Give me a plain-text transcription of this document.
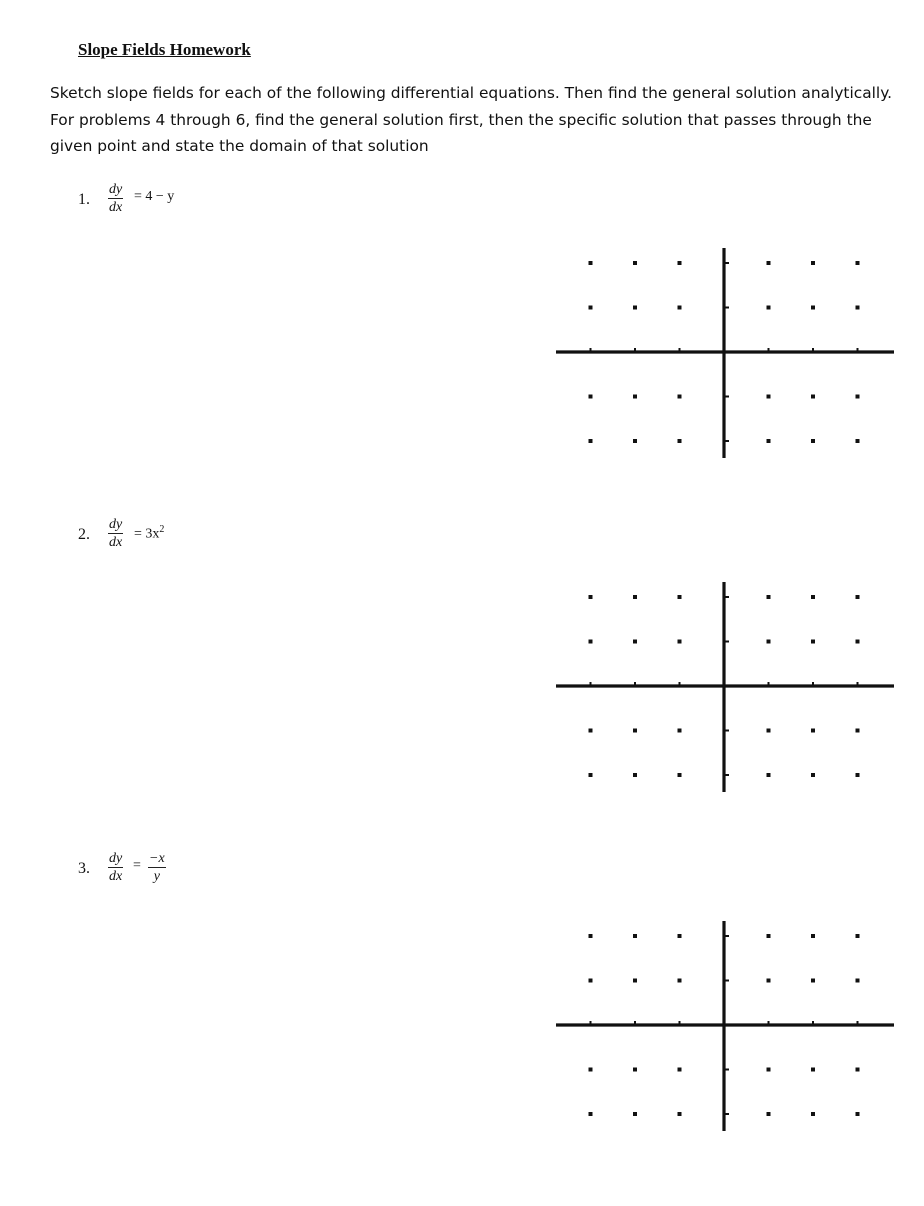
Slope Fields Homework
Sketch slope fields for each of the following differential equations. Then find the general solution analytically.
For problems 4 through 6, find the general solution first, then the specific solution that passes through the
given point and state the domain of that solution
1. $\frac{dy}{dx} = 4 - y$
2. $\frac{dy}{dx} = 3x^2$
3. $\frac{dy}{dx} = \frac{-x}{y}$
